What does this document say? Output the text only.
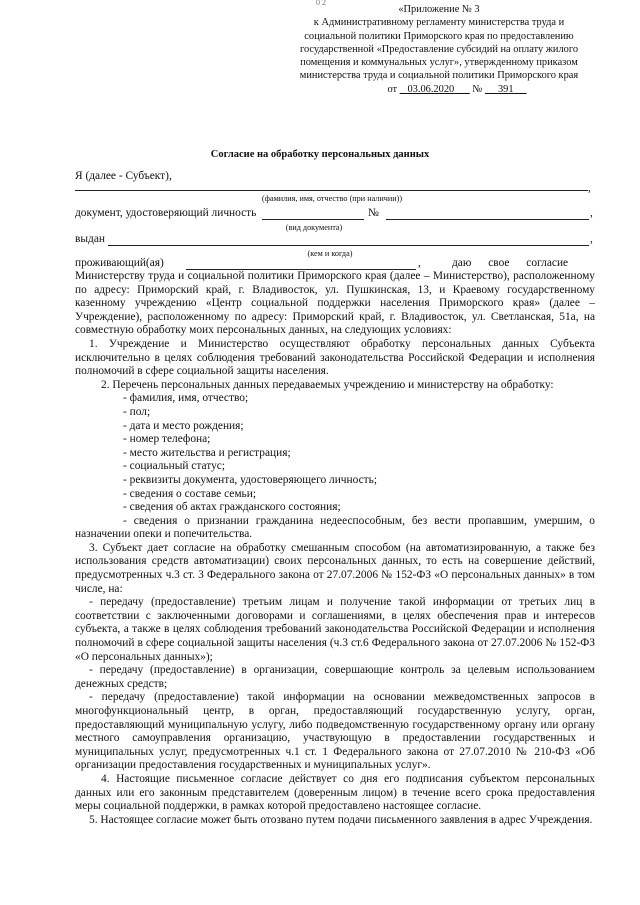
0 2
«Приложение № 3
к Административному регламенту министерства труда и
социальной политики Приморского края по предоставлению
государственной «Предоставление субсидий на оплату жилого
помещения и коммунальных услуг», утвержденному приказом
министерства труда и социальной политики Приморского края
от 03.06.2020 № 391
Согласие на обработку персональных данных
Я (далее - Субъект),
,
(фамилия, имя, отчество (при наличии))
документ, удостоверяющий личность	№	,
(вид документа)
выдан	,
(кем и когда)
проживающий(ая)	,	даю свое согласие

Министерству труда и социальной политики Приморского края (далее – Министерство), расположенному по адресу: Приморский край, г. Владивосток, ул. Пушкинская, 13, и Краевому государственному казенному учреждению «Центр социальной поддержки населения Приморского края» (далее – Учреждение), расположенному по адресу: Приморский край, г. Владивосток, ул. Светланская, 51а, на совместную обработку моих персональных данных, на следующих условиях:

1. Учреждение и Министерство осуществляют обработку персональных данных Субъекта исключительно в целях соблюдения требований законодательства Российской Федерации и исполнения полномочий в сфере социальной защиты населения.

2. Перечень персональных данных передаваемых учреждению и министерству на обработку:

- фамилия, имя, отчество;
- пол;
- дата и место рождения;
- номер телефона;
- место жительства и регистрация;
- социальный статус;
- реквизиты документа, удостоверяющего личность;
- сведения о составе семьи;
- сведения об актах гражданского состояния;

- сведения о признании гражданина недееспособным, без вести пропавшим, умершим, о назначении опеки и попечительства.

3. Субъект дает согласие на обработку смешанным способом (на автоматизированную, а также без использования средств автоматизации) своих персональных данных, то есть на совершение действий, предусмотренных ч.3 ст. 3 Федерального закона от 27.07.2006 № 152-ФЗ «О персональных данных» в том числе, на:

- передачу (предоставление) третьим лицам и получение такой информации от третьих лиц в соответствии с заключенными договорами и соглашениями, в целях обеспечения прав и интересов субъекта, а также в целях соблюдения требований законодательства Российской Федерации и исполнения полномочий в сфере социальной защиты населения (ч.3 ст.6 Федерального закона от 27.07.2006 № 152-ФЗ «О персональных данных»);

- передачу (предоставление) в организации, совершающие контроль за целевым использованием денежных средств;

- передачу (предоставление) такой информации на основании межведомственных запросов в многофункциональный центр, в орган, предоставляющий государственную услугу, орган, предоставляющий муниципальную услугу, либо подведомственную государственному органу или органу местного самоуправления организацию, участвующую в предоставлении государственных и муниципальных услуг, предусмотренных ч.1 ст. 1 Федерального закона от 27.07.2010 № 210-ФЗ «Об организации предоставления государственных и муниципальных услуг».

4. Настоящие письменное согласие действует со дня его подписания субъектом персональных данных или его законным представителем (доверенным лицом) в течение всего срока предоставления меры социальной поддержки, в рамках которой предоставлено настоящее согласие.

5. Настоящее согласие может быть отозвано путем подачи письменного заявления в адрес Учреждения.
